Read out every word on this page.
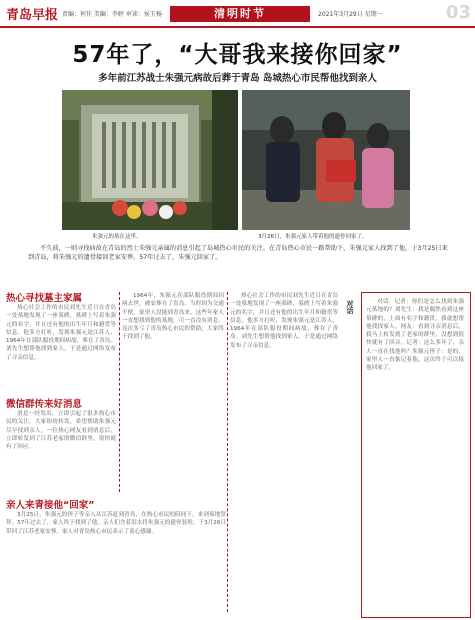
青岛早报 责编：何佳 美编：李婷 审读：侯玉杨	清明时节	2021年3月29日 星期一	03
57年了，“大哥我来接你回家”
多年前江苏战士朱强元病故后葬于青岛 岛城热心市民帮他找到亲人
朱强元的墓在这里。	3月26日，朱强元家人带着他的遗骨回家了。
不久前，一则寻找病故在青岛的烈士朱强元亲属的消息引起了岛城热心市民的关注。在青岛热心市民一路帮助下，朱强元家人找到了他，于3月25日来到青岛，将朱强元的遗骨接回老家安葬。57年过去了，朱强元回家了。
热心寻找墓主家属
热心社会工作的市民刘先生近日在青岛一处墓地发现了一座墓碑，墓碑上写着朱强元的名字，并且还有他的出生年月和籍贯等信息。他多方打听，发现朱强元是江苏人，1964年在部队服役期间病故，葬在了青岛。刘先生想帮他找到家人，于是通过网络发布了寻亲信息。
微信群传来好消息
消息一经发出，立即引起了很多热心市民的关注。大家纷纷转发，希望帮助朱强元尽早找到亲人。一位热心网友看到消息后，立即转发到了江苏老家的微信群里，很快就有了回应。
亲人来青接他“回家”
3月25日，朱强元的侄子等亲人从江苏赶到青岛，在热心市民的陪同下，来到墓地祭拜。57年过去了，家人终于找到了他。亲人们含着泪水将朱强元的遗骨装殓，于3月26日带回了江苏老家安葬。家人对青岛热心市民表示了衷心感谢。
1964年，朱强元在部队服役期间因病去世，被安葬在了青岛。当时因为交通不便，家里人没能到青岛来。这些年家人一直想找到他的墓地，可一直没有消息。这次多亏了青岛热心市民的帮助，大家终于找到了他。
热心社会工作的市民刘先生近日在青岛一处墓地发现了一座墓碑，墓碑上写着朱强元的名字，并且还有他的出生年月和籍贯等信息。他多方打听，发现朱强元是江苏人，1964年在部队服役期间病故，葬在了青岛。刘先生想帮他找到家人，于是通过网络发布了寻亲信息。
对话	对话：记者：你们是怎么找到朱强元墓地的？刘先生：我是偶然看到这座墓碑的，上面有名字和籍贯，我就想帮他找找家人。网友：看到寻亲消息后，我马上转发到了老家的群里，没想到很快就有了回音。记者：这么多年了，亲人一直在找他吗？朱强元侄子：是的，家里人一直惦记着他，这次终于可以接他回家了。
